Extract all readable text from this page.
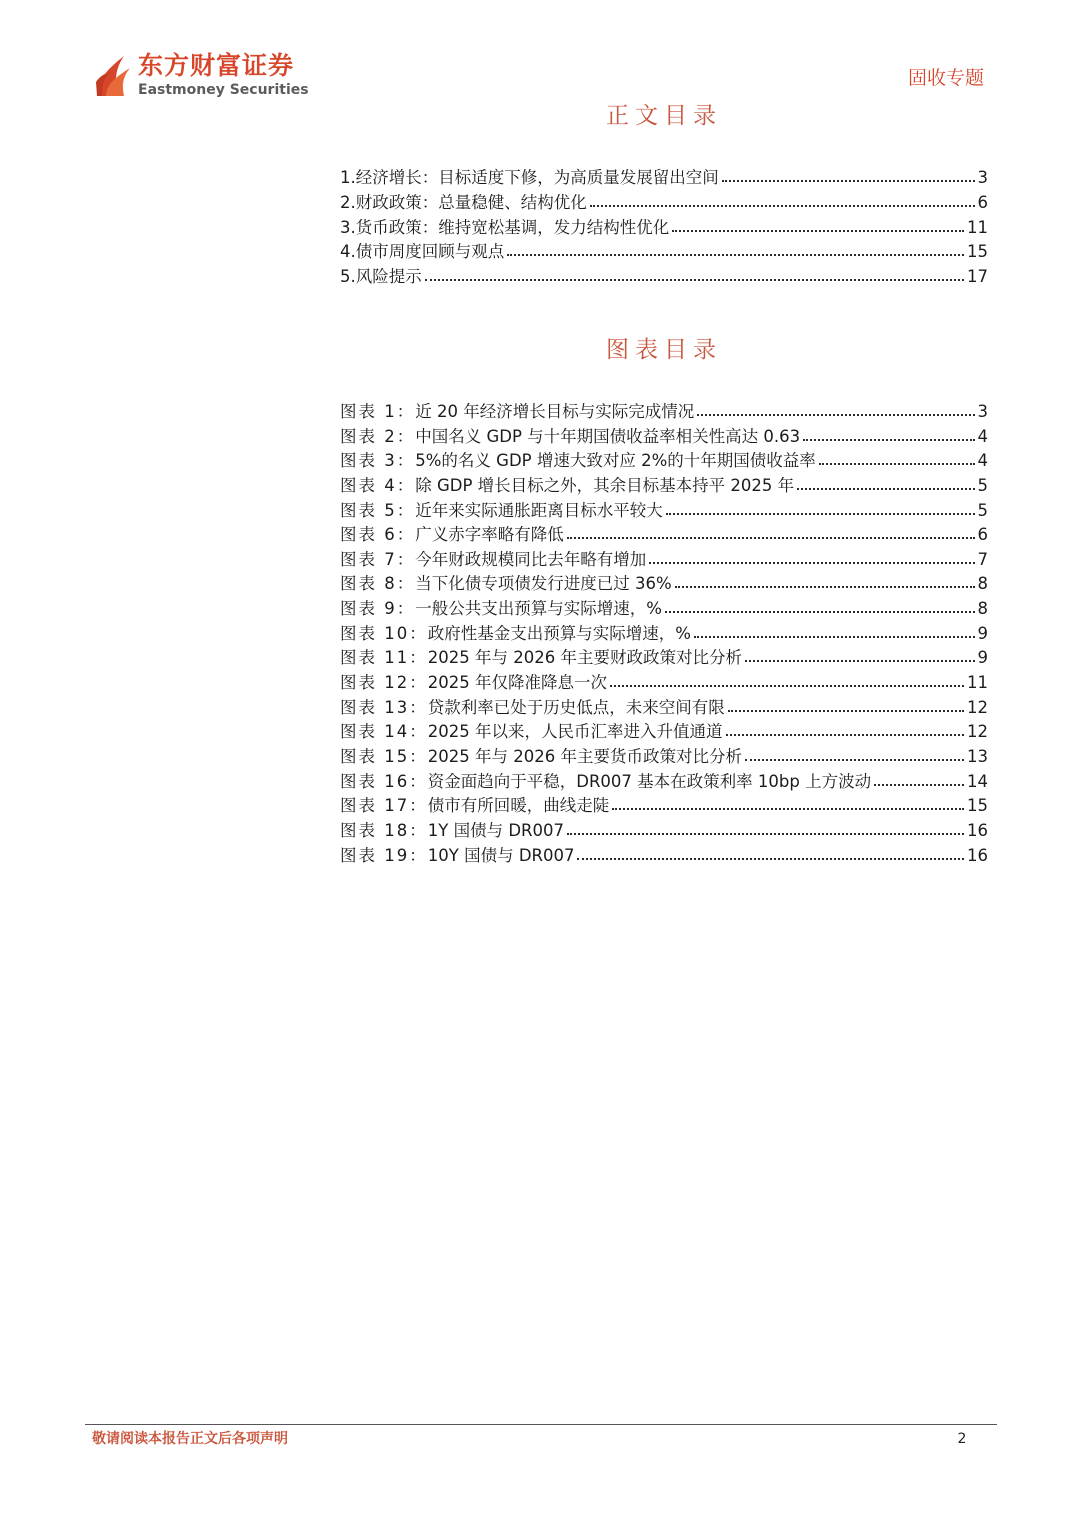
东方财富证券
Eastmoney Securities
固收专题
正文目录
1. 经济增长：目标适度下修，为高质量发展留出空间	3
2. 财政政策：总量稳健、结构优化	6
3. 货币政策：维持宽松基调，发力结构性优化	11
4. 债市周度回顾与观点	15
5. 风险提示	17
图表目录
图表 1： 近 20 年经济增长目标与实际完成情况	3
图表 2： 中国名义 GDP 与十年期国债收益率相关性高达 0.63	4
图表 3： 5%的名义 GDP 增速大致对应 2%的十年期国债收益率	4
图表 4： 除 GDP 增长目标之外，其余目标基本持平 2025 年	5
图表 5： 近年来实际通胀距离目标水平较大	5
图表 6： 广义赤字率略有降低	6
图表 7： 今年财政规模同比去年略有增加	7
图表 8： 当下化债专项债发行进度已过 36%	8
图表 9： 一般公共支出预算与实际增速，%	8
图表 10： 政府性基金支出预算与实际增速，%	9
图表 11： 2025 年与 2026 年主要财政政策对比分析	9
图表 12： 2025 年仅降准降息一次	11
图表 13： 贷款利率已处于历史低点，未来空间有限	12
图表 14： 2025 年以来，人民币汇率进入升值通道	12
图表 15： 2025 年与 2026 年主要货币政策对比分析	13
图表 16： 资金面趋向于平稳，DR007 基本在政策利率 10bp 上方波动	14
图表 17： 债市有所回暖，曲线走陡	15
图表 18： 1Y 国债与 DR007	16
图表 19： 10Y 国债与 DR007	16
敬请阅读本报告正文后各项声明	2
